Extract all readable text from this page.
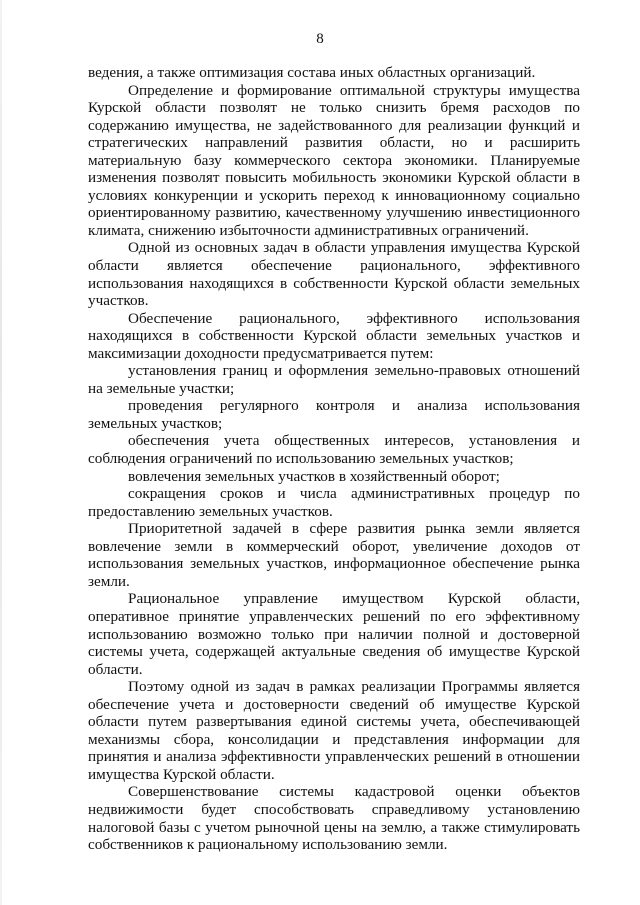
8

ведения, а также оптимизация состава иных областных организаций.

Определение и формирование оптимальной структуры имущества Курской области позволят не только снизить бремя расходов по содержанию имущества, не задействованного для реализации функций и стратегических направлений развития области, но и расширить материальную базу коммерческого сектора экономики. Планируемые изменения позволят повысить мобильность экономики Курской области в условиях конкуренции и ускорить переход к инновационному социально ориентированному развитию, качественному улучшению инвестиционного климата, снижению избыточности административных ограничений.

Одной из основных задач в области управления имущества Курской области является обеспечение рационального, эффективного использования находящихся в собственности Курской области земельных участков.

Обеспечение рационального, эффективного использования находящихся в собственности Курской области земельных участков и максимизации доходности предусматривается путем:

установления границ и оформления земельно-правовых отношений на земельные участки;

проведения регулярного контроля и анализа использования земельных участков;

обеспечения учета общественных интересов, установления и соблюдения ограничений по использованию земельных участков;

вовлечения земельных участков в хозяйственный оборот;

сокращения сроков и числа административных процедур по предоставлению земельных участков.

Приоритетной задачей в сфере развития рынка земли является вовлечение земли в коммерческий оборот, увеличение доходов от использования земельных участков, информационное обеспечение рынка земли.

Рациональное управление имуществом Курской области, оперативное принятие управленческих решений по его эффективному использованию возможно только при наличии полной и достоверной системы учета, содержащей актуальные сведения об имуществе Курской области.

Поэтому одной из задач в рамках реализации Программы является обеспечение учета и достоверности сведений об имуществе Курской области путем развертывания единой системы учета, обеспечивающей механизмы сбора, консолидации и представления информации для принятия и анализа эффективности управленческих решений в отношении имущества Курской области.

Совершенствование системы кадастровой оценки объектов недвижимости будет способствовать справедливому установлению налоговой базы с учетом рыночной цены на землю, а также стимулировать собственников к рациональному использованию земли.
